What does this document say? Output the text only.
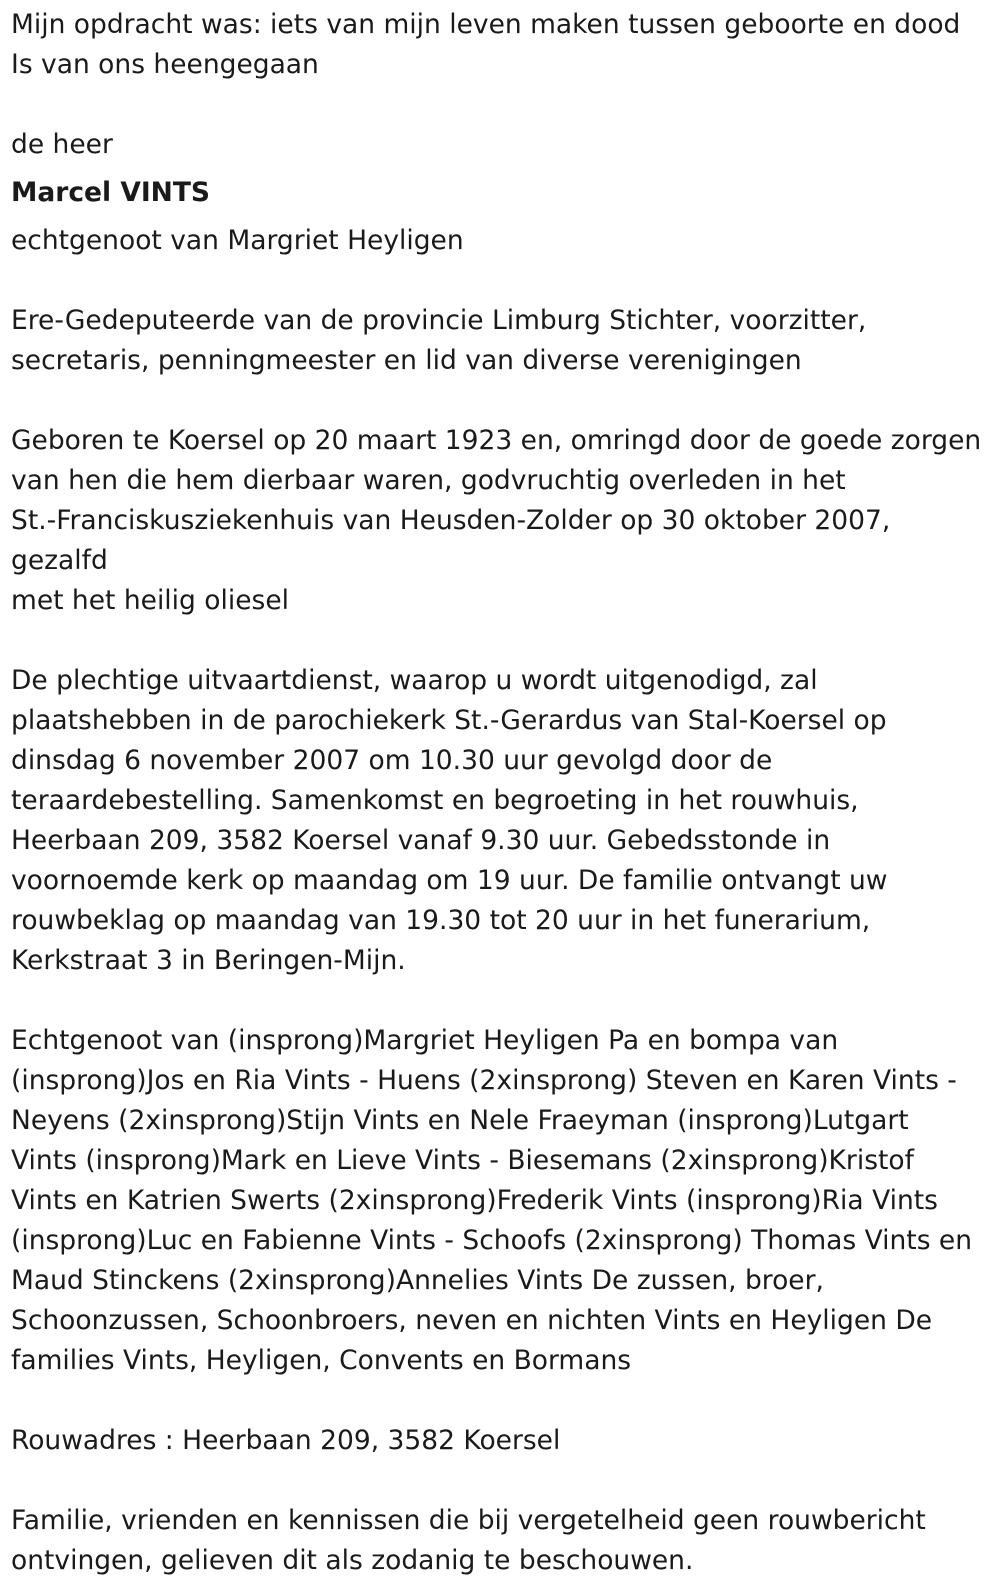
Mijn opdracht was: iets van mijn leven maken tussen geboorte en dood

Is van ons heengegaan

de heer

Marcel VINTS

echtgenoot van Margriet Heyligen

Ere-Gedeputeerde van de provincie Limburg Stichter, voorzitter,
secretaris, penningmeester en lid van diverse verenigingen

Geboren te Koersel op 20 maart 1923 en, omringd door de goede zorgen
van hen die hem dierbaar waren, godvruchtig overleden in het
St.-Franciskusziekenhuis van Heusden-Zolder op 30 oktober 2007, gezalfd
met het heilig oliesel

De plechtige uitvaartdienst, waarop u wordt uitgenodigd, zal
plaatshebben in de parochiekerk St.-Gerardus van Stal-Koersel op
dinsdag 6 november 2007 om 10.30 uur gevolgd door de
teraardebestelling. Samenkomst en begroeting in het rouwhuis,
Heerbaan 209, 3582 Koersel vanaf 9.30 uur. Gebedsstonde in
voornoemde kerk op maandag om 19 uur. De familie ontvangt uw
rouwbeklag op maandag van 19.30 tot 20 uur in het funerarium,
Kerkstraat 3 in Beringen-Mijn.

Echtgenoot van (insprong)Margriet Heyligen Pa en bompa van
(insprong)Jos en Ria Vints - Huens (2xinsprong) Steven en Karen Vints -
Neyens (2xinsprong)Stijn Vints en Nele Fraeyman (insprong)Lutgart
Vints (insprong)Mark en Lieve Vints - Biesemans (2xinsprong)Kristof
Vints en Katrien Swerts (2xinsprong)Frederik Vints (insprong)Ria Vints
(insprong)Luc en Fabienne Vints - Schoofs (2xinsprong) Thomas Vints en
Maud Stinckens (2xinsprong)Annelies Vints De zussen, broer,
Schoonzussen, Schoonbroers, neven en nichten Vints en Heyligen De
families Vints, Heyligen, Convents en Bormans

Rouwadres : Heerbaan 209, 3582 Koersel

Familie, vrienden en kennissen die bij vergetelheid geen rouwbericht
ontvingen, gelieven dit als zodanig te beschouwen.
